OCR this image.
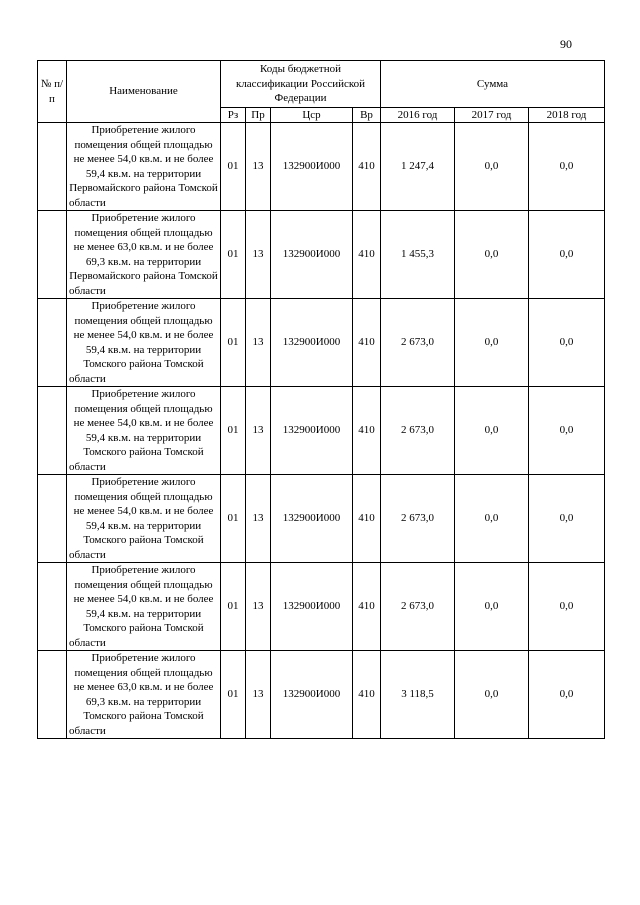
90
№ п/п	Наименование	Коды бюджетной классификации Российской Федерации				Сумма		
		Рз	Пр	Цср	Вр	2016 год	2017 год	2018 год
	Приобретение жилого помещения общей площадью не менее 54,0 кв.м. и не более 59,4 кв.м. на территории Первомайского района Томской области	01	13	132900И000	410	1 247,4	0,0	0,0
	Приобретение жилого помещения общей площадью не менее 63,0 кв.м. и не более 69,3 кв.м. на территории Первомайского района Томской области	01	13	132900И000	410	1 455,3	0,0	0,0
	Приобретение жилого помещения общей площадью не менее 54,0 кв.м. и не более 59,4 кв.м. на территории Томского района Томской области	01	13	132900И000	410	2 673,0	0,0	0,0
	Приобретение жилого помещения общей площадью не менее 54,0 кв.м. и не более 59,4 кв.м. на территории Томского района Томской области	01	13	132900И000	410	2 673,0	0,0	0,0
	Приобретение жилого помещения общей площадью не менее 54,0 кв.м. и не более 59,4 кв.м. на территории Томского района Томской области	01	13	132900И000	410	2 673,0	0,0	0,0
	Приобретение жилого помещения общей площадью не менее 54,0 кв.м. и не более 59,4 кв.м. на территории Томского района Томской области	01	13	132900И000	410	2 673,0	0,0	0,0
	Приобретение жилого помещения общей площадью не менее 63,0 кв.м. и не более 69,3 кв.м. на территории Томского района Томской области	01	13	132900И000	410	3 118,5	0,0	0,0
